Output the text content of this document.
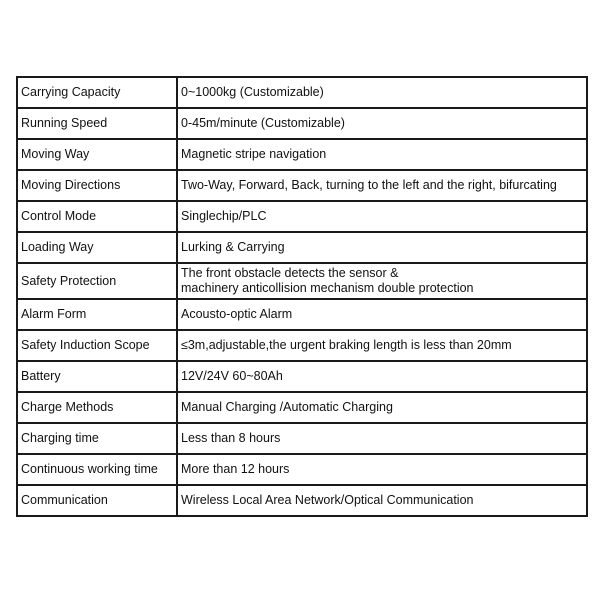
Carrying Capacity	0~1000kg (Customizable)

Running Speed	0-45m/minute (Customizable)

Moving Way	Magnetic stripe navigation

Moving Directions	Two-Way, Forward, Back, turning to the left and the right, bifurcating

Control Mode	Singlechip/PLC

Loading Way	Lurking & Carrying

Safety Protection	The front obstacle detects the sensor &
machinery anticollision mechanism double protection

Alarm Form	Acousto-optic Alarm

Safety Induction Scope	≤3m,adjustable,the urgent braking length is less than 20mm

Battery	12V/24V 60~80Ah

Charge Methods	Manual Charging /Automatic Charging

Charging time	Less than 8 hours

Continuous working time	More than 12 hours

Communication	Wireless Local Area Network/Optical Communication
